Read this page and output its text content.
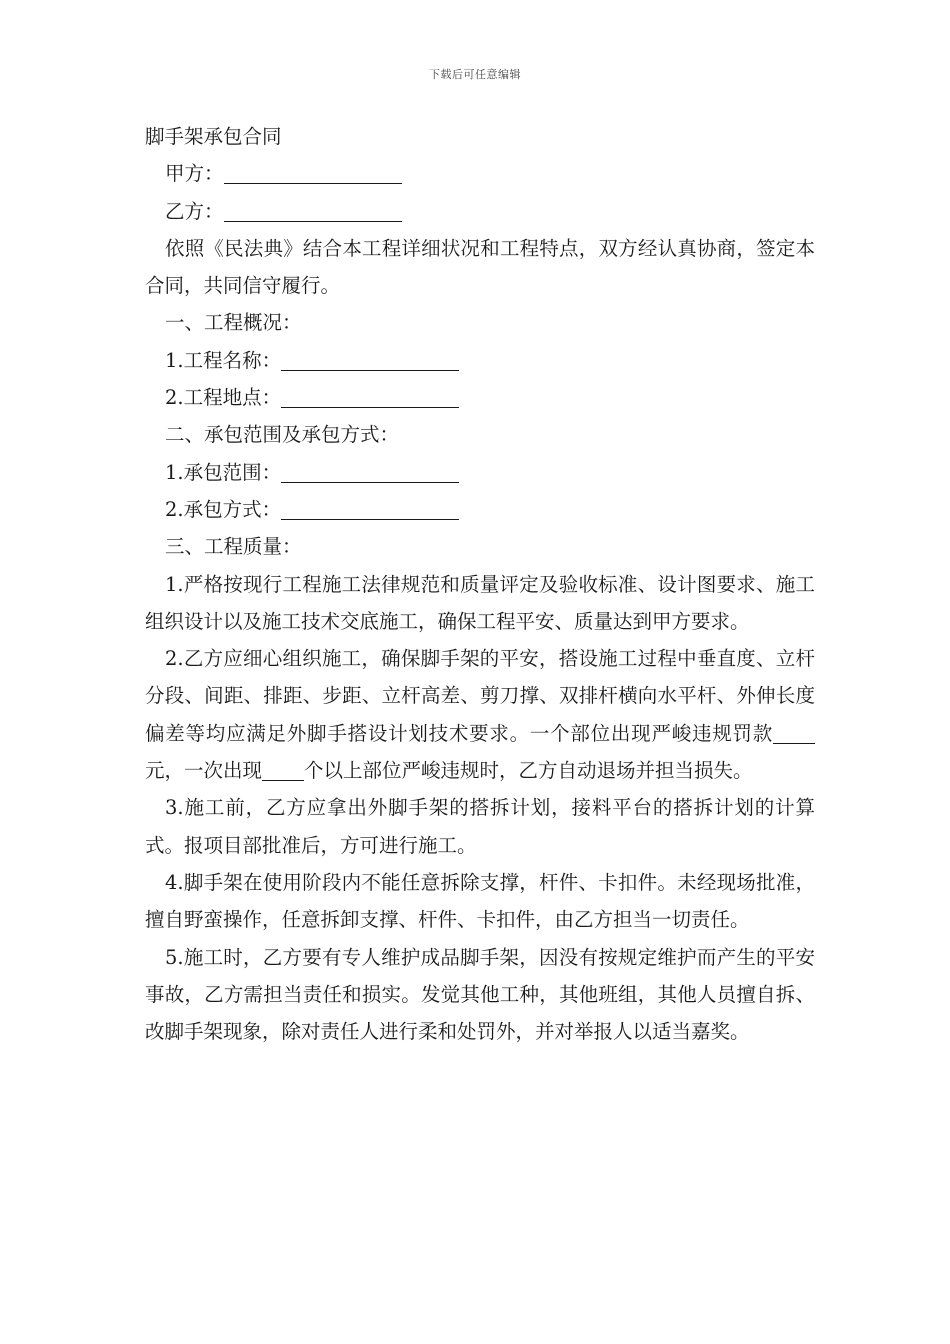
下载后可任意编辑
脚手架承包合同
甲方：
乙方：
依照《民法典》结合本工程详细状况和工程特点，双方经认真协商，签定本合同，共同信守履行。
一、工程概况：
1.工程名称：
2.工程地点：
二、承包范围及承包方式：
1.承包范围：
2.承包方式：
三、工程质量：
1.严格按现行工程施工法律规范和质量评定及验收标准、设计图要求、施工组织设计以及施工技术交底施工，确保工程平安、质量达到甲方要求。
2.乙方应细心组织施工，确保脚手架的平安，搭设施工过程中垂直度、立杆分段、间距、排距、步距、立杆高差、剪刀撑、双排杆横向水平杆、外伸长度偏差等均应满足外脚手搭设计划技术要求。一个部位出现严峻违规罚款元，一次出现 个以上部位严峻违规时，乙方自动退场并担当损失。
3.施工前，乙方应拿出外脚手架的搭拆计划，接料平台的搭拆计划的计算式。报项目部批准后，方可进行施工。
4.脚手架在使用阶段内不能任意拆除支撑，杆件、卡扣件。未经现场批准，擅自野蛮操作，任意拆卸支撑、杆件、卡扣件，由乙方担当一切责任。
5.施工时，乙方要有专人维护成品脚手架，因没有按规定维护而产生的平安事故，乙方需担当责任和损实。发觉其他工种，其他班组，其他人员擅自拆、改脚手架现象，除对责任人进行柔和处罚外，并对举报人以适当嘉奖。
